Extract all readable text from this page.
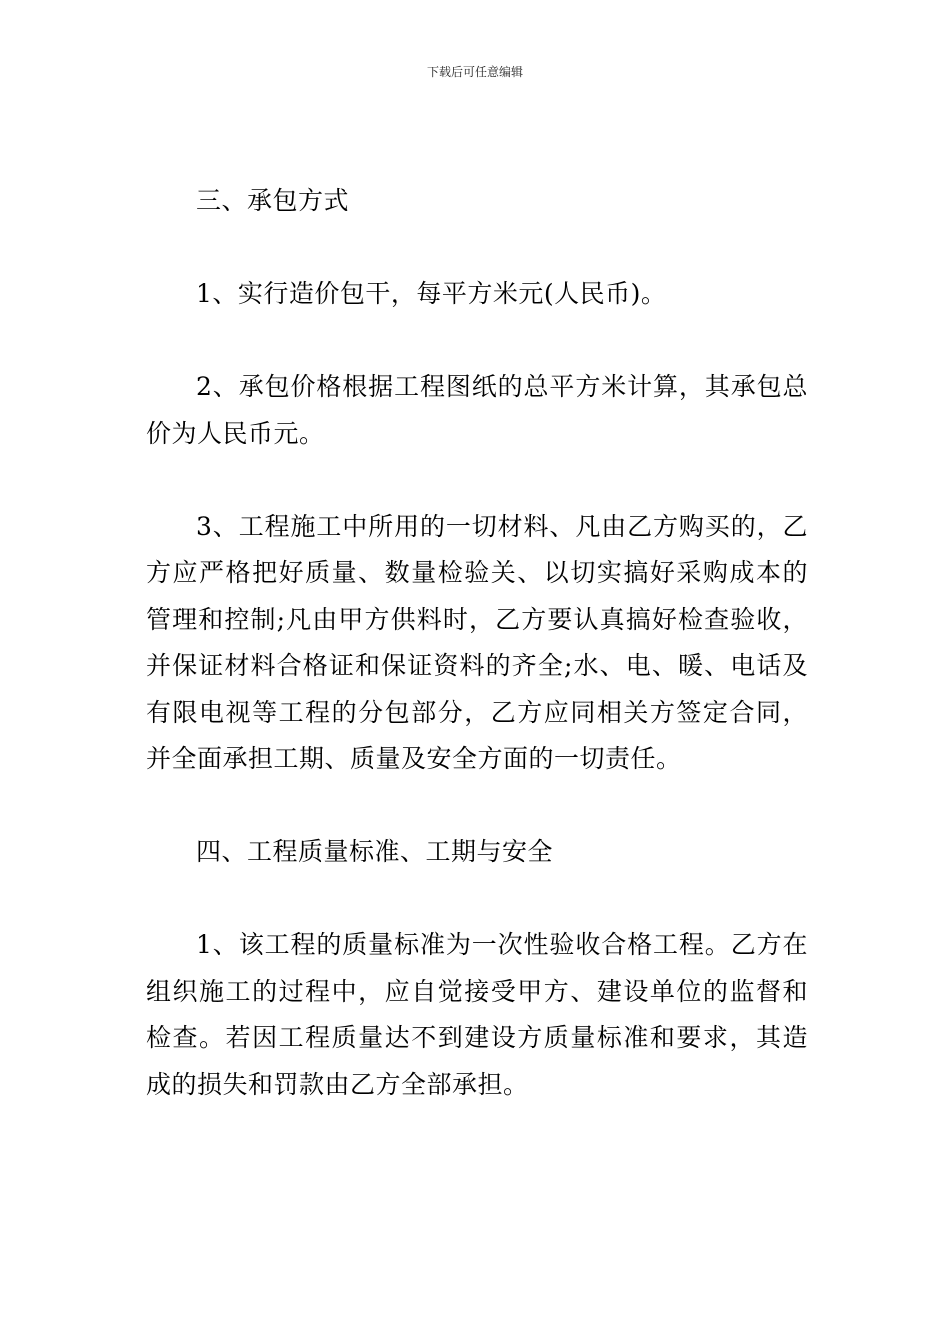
下载后可任意编辑

三、承包方式

1、实行造价包干，每平方米元(人民币)。

2、承包价格根据工程图纸的总平方米计算，其承包总价为人民币元。

3、工程施工中所用的一切材料、凡由乙方购买的，乙方应严格把好质量、数量检验关、以切实搞好采购成本的管理和控制;凡由甲方供料时，乙方要认真搞好检查验收，并保证材料合格证和保证资料的齐全;水、电、暖、电话及有限电视等工程的分包部分，乙方应同相关方签定合同，并全面承担工期、质量及安全方面的一切责任。

四、工程质量标准、工期与安全

1、该工程的质量标准为一次性验收合格工程。乙方在组织施工的过程中，应自觉接受甲方、建设单位的监督和检查。若因工程质量达不到建设方质量标准和要求，其造成的损失和罚款由乙方全部承担。
